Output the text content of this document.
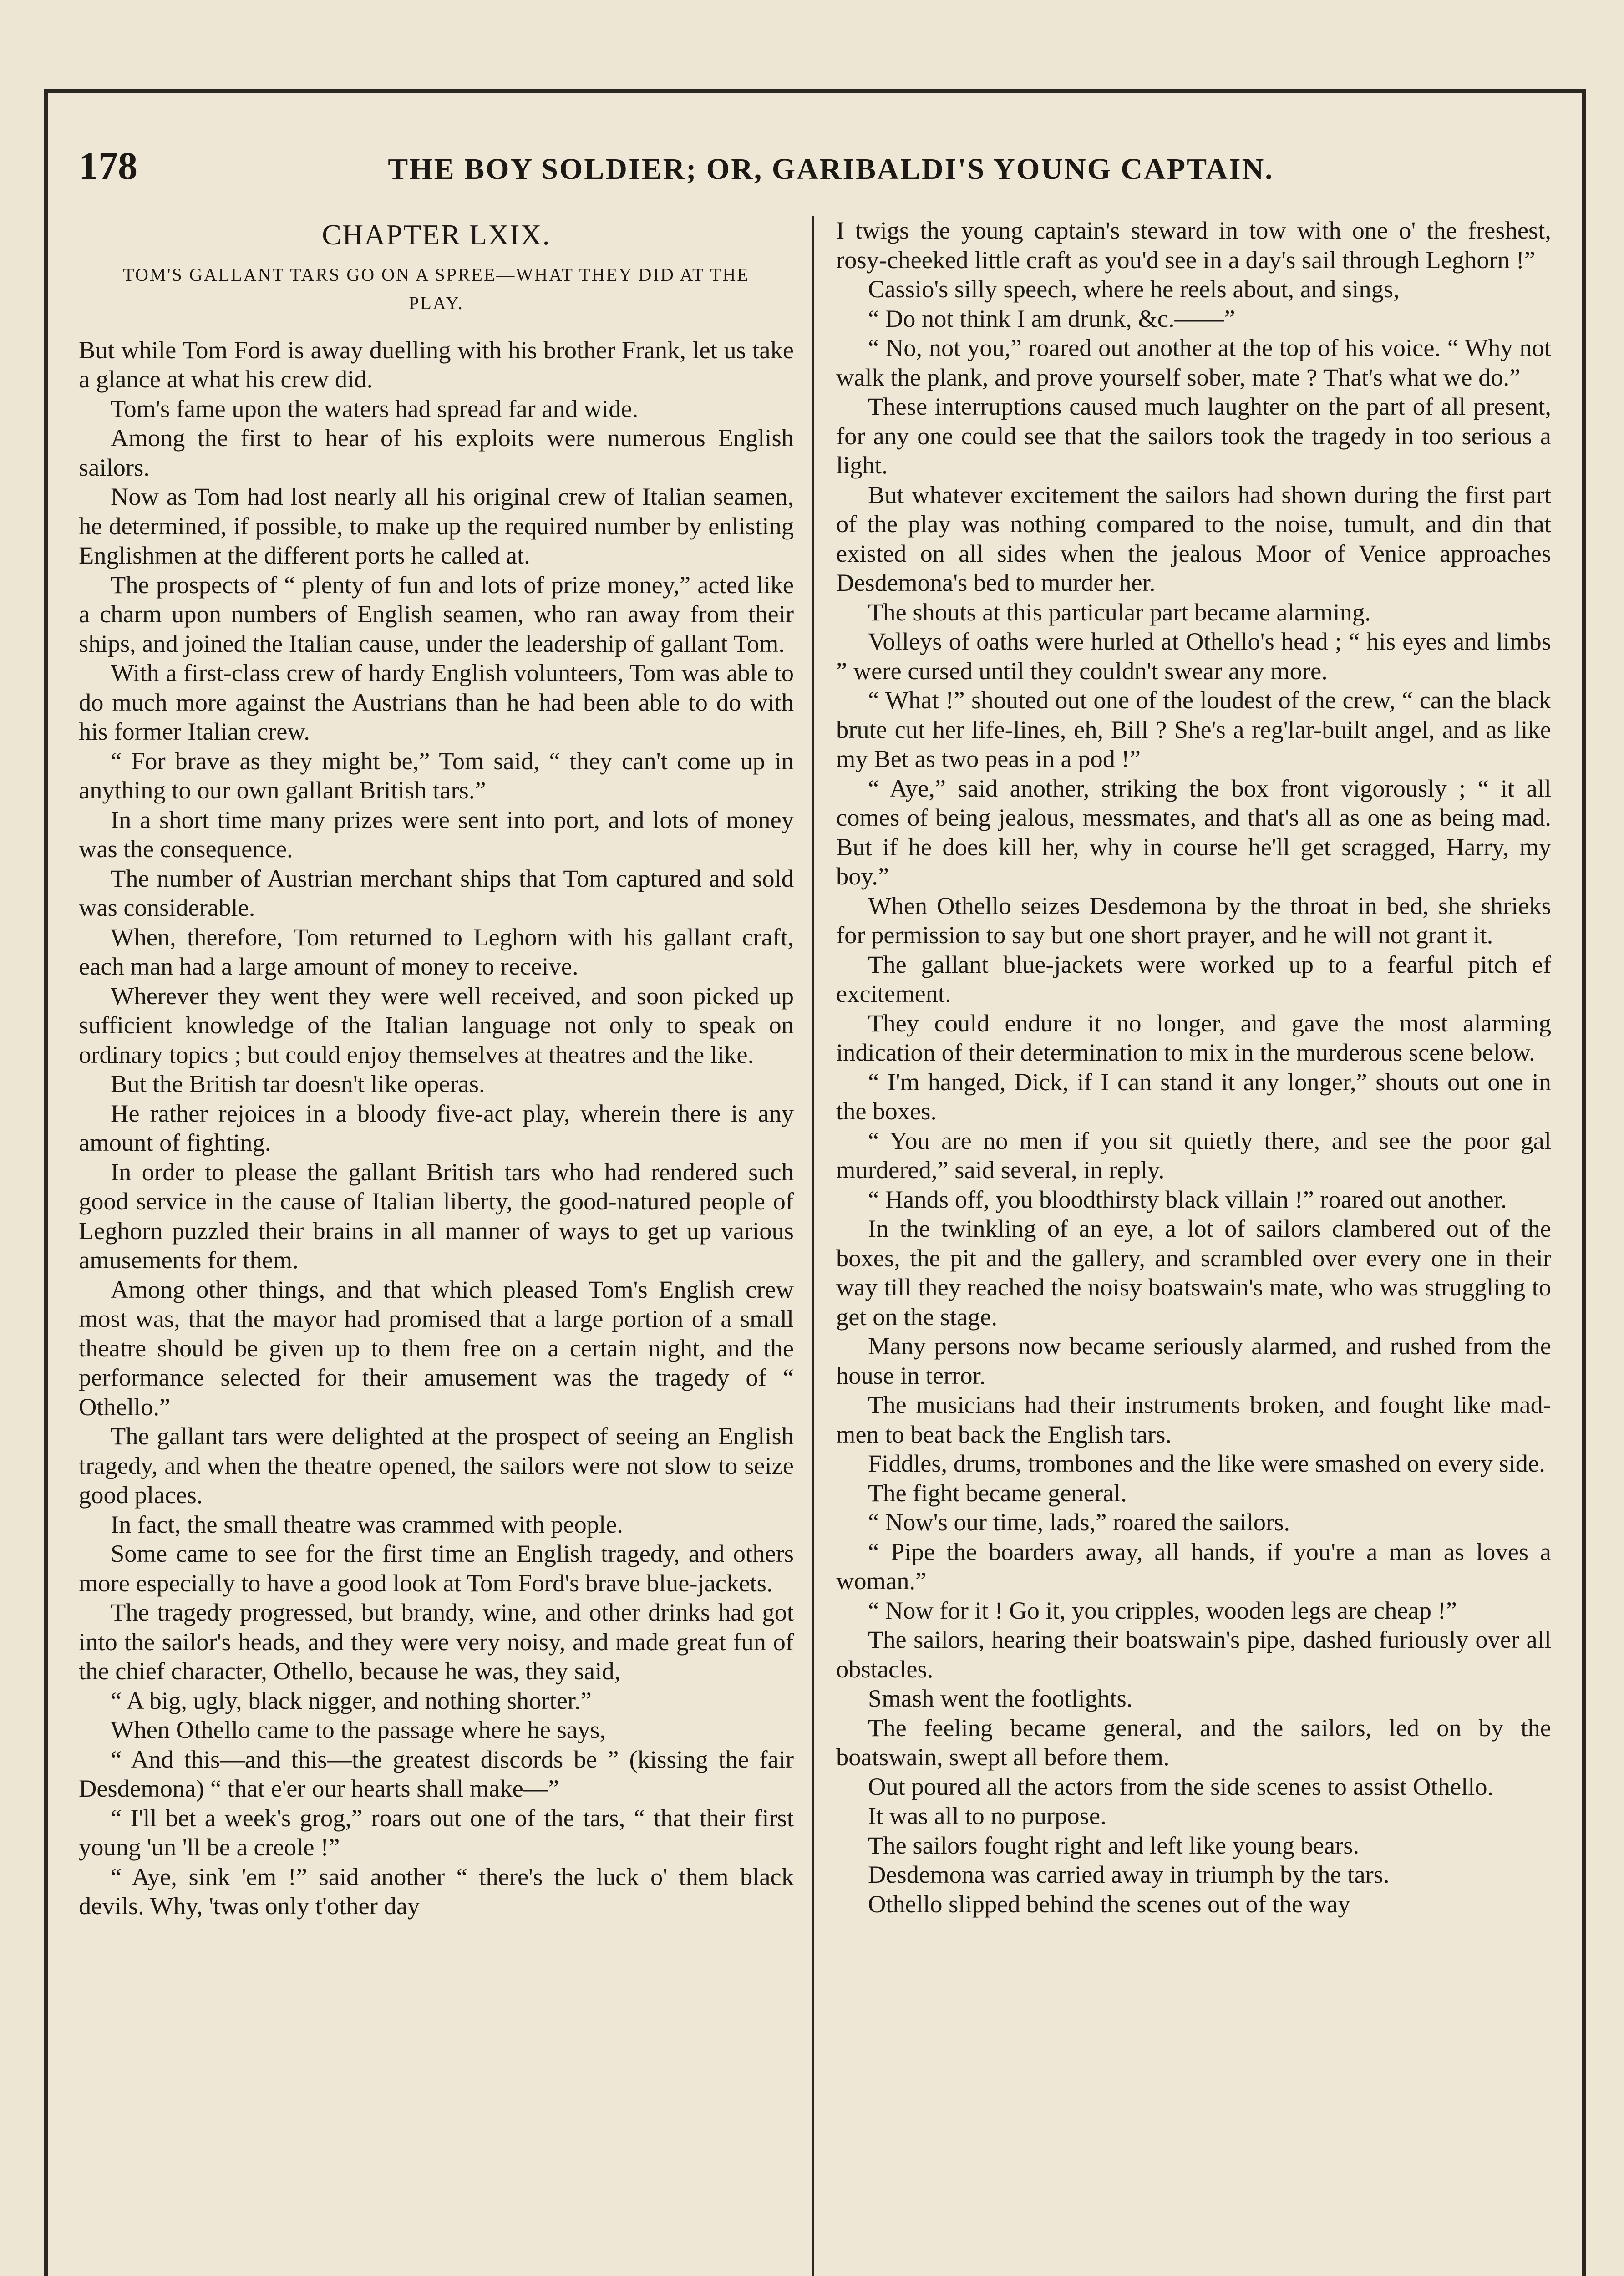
178	THE BOY SOLDIER; OR, GARIBALDI'S YOUNG CAPTAIN.
CHAPTER LXIX.
TOM'S GALLANT TARS GO ON A SPREE—WHAT THEY DID AT THE PLAY.

But while Tom Ford is away duelling with his brother Frank, let us take a glance at what his crew did.

Tom's fame upon the waters had spread far and wide.

Among the first to hear of his exploits were numerous English sailors.

Now as Tom had lost nearly all his original crew of Italian seamen, he determined, if possible, to make up the required number by enlisting Englishmen at the different ports he called at.

The prospects of “ plenty of fun and lots of prize money,” acted like a charm upon numbers of English seamen, who ran away from their ships, and joined the Italian cause, under the leadership of gallant Tom.

With a first-class crew of hardy English volunteers, Tom was able to do much more against the Austrians than he had been able to do with his former Italian crew.

“ For brave as they might be,” Tom said, “ they can't come up in anything to our own gallant British tars.”

In a short time many prizes were sent into port, and lots of money was the consequence.

The number of Austrian merchant ships that Tom captured and sold was considerable.

When, therefore, Tom returned to Leghorn with his gallant craft, each man had a large amount of money to receive.

Wherever they went they were well received, and soon picked up sufficient knowledge of the Italian language not only to speak on ordinary topics ; but could enjoy themselves at theatres and the like.

But the British tar doesn't like operas.

He rather rejoices in a bloody five-act play, wherein there is any amount of fighting.

In order to please the gallant British tars who had rendered such good service in the cause of Italian liberty, the good-natured people of Leghorn puzzled their brains in all manner of ways to get up various amusements for them.

Among other things, and that which pleased Tom's English crew most was, that the mayor had promised that a large portion of a small theatre should be given up to them free on a certain night, and the performance selected for their amusement was the tragedy of “ Othello.”

The gallant tars were delighted at the prospect of seeing an English tragedy, and when the theatre opened, the sailors were not slow to seize good places.

In fact, the small theatre was crammed with people.

Some came to see for the first time an English tragedy, and others more especially to have a good look at Tom Ford's brave blue-jackets.

The tragedy progressed, but brandy, wine, and other drinks had got into the sailor's heads, and they were very noisy, and made great fun of the chief character, Othello, because he was, they said,

“ A big, ugly, black nigger, and nothing shorter.”

When Othello came to the passage where he says,

“ And this—and this—the greatest discords be ” (kissing the fair Desdemona) “ that e'er our hearts shall make—”

“ I'll bet a week's grog,” roars out one of the tars, “ that their first young 'un 'll be a creole !”

“ Aye, sink 'em !” said another “ there's the luck o' them black devils. Why, 'twas only t'other day

I twigs the young captain's steward in tow with one o' the freshest, rosy-cheeked little craft as you'd see in a day's sail through Leghorn !”

Cassio's silly speech, where he reels about, and sings,

“ Do not think I am drunk, &c.——”

“ No, not you,” roared out another at the top of his voice. “ Why not walk the plank, and prove yourself sober, mate ? That's what we do.”

These interruptions caused much laughter on the part of all present, for any one could see that the sailors took the tragedy in too serious a light.

But whatever excitement the sailors had shown during the first part of the play was nothing compared to the noise, tumult, and din that existed on all sides when the jealous Moor of Venice approaches Desdemona's bed to murder her.

The shouts at this particular part became alarming.

Volleys of oaths were hurled at Othello's head ; “ his eyes and limbs ” were cursed until they couldn't swear any more.

“ What !” shouted out one of the loudest of the crew, “ can the black brute cut her life-lines, eh, Bill ? She's a reg'lar-built angel, and as like my Bet as two peas in a pod !”

“ Aye,” said another, striking the box front vigorously ; “ it all comes of being jealous, messmates, and that's all as one as being mad. But if he does kill her, why in course he'll get scragged, Harry, my boy.”

When Othello seizes Desdemona by the throat in bed, she shrieks for permission to say but one short prayer, and he will not grant it.

The gallant blue-jackets were worked up to a fearful pitch ef excitement.

They could endure it no longer, and gave the most alarming indication of their determination to mix in the murderous scene below.

“ I'm hanged, Dick, if I can stand it any longer,” shouts out one in the boxes.

“ You are no men if you sit quietly there, and see the poor gal murdered,” said several, in reply.

“ Hands off, you bloodthirsty black villain !” roared out another.

In the twinkling of an eye, a lot of sailors clambered out of the boxes, the pit and the gallery, and scrambled over every one in their way till they reached the noisy boatswain's mate, who was struggling to get on the stage.

Many persons now became seriously alarmed, and rushed from the house in terror.

The musicians had their instruments broken, and fought like mad-men to beat back the English tars.

Fiddles, drums, trombones and the like were smashed on every side.

The fight became general.

“ Now's our time, lads,” roared the sailors.

“ Pipe the boarders away, all hands, if you're a man as loves a woman.”

“ Now for it ! Go it, you cripples, wooden legs are cheap !”

The sailors, hearing their boatswain's pipe, dashed furiously over all obstacles.

Smash went the footlights.

The feeling became general, and the sailors, led on by the boatswain, swept all before them.

Out poured all the actors from the side scenes to assist Othello.

It was all to no purpose.

The sailors fought right and left like young bears.

Desdemona was carried away in triumph by the tars.

Othello slipped behind the scenes out of the way
